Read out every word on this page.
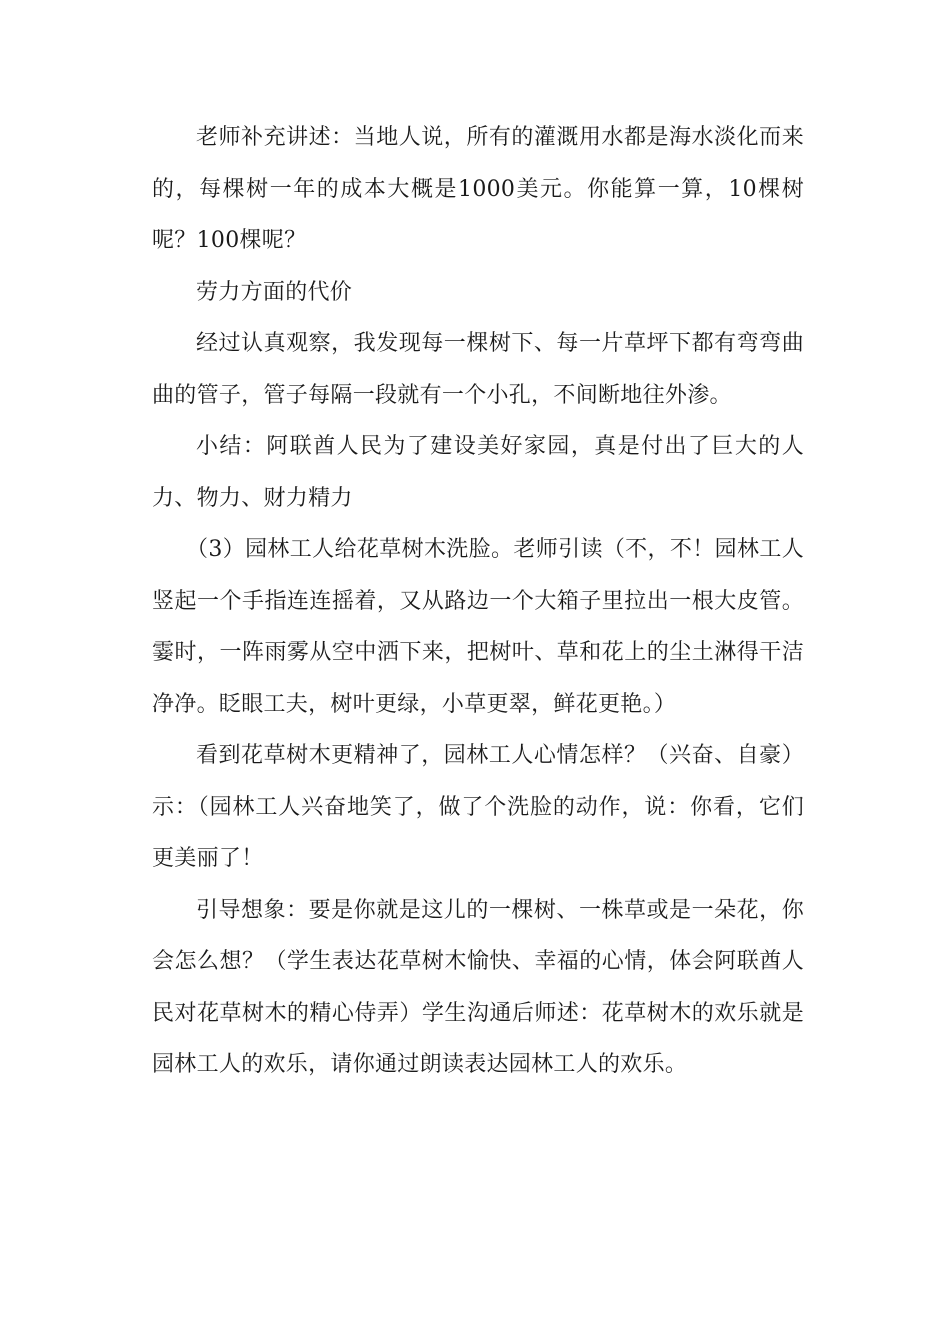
老师补充讲述：当地人说，所有的灌溉用水都是海水淡化而来的，每棵树一年的成本大概是1000美元。你能算一算，10棵树呢？100棵呢？

劳力方面的代价

经过认真观察，我发现每一棵树下、每一片草坪下都有弯弯曲曲的管子，管子每隔一段就有一个小孔，不间断地往外渗。

小结：阿联酋人民为了建设美好家园，真是付出了巨大的人力、物力、财力精力

（3）园林工人给花草树木洗脸。老师引读（不，不！园林工人竖起一个手指连连摇着，又从路边一个大箱子里拉出一根大皮管。霎时，一阵雨雾从空中洒下来，把树叶、草和花上的尘土淋得干洁净净。眨眼工夫，树叶更绿，小草更翠，鲜花更艳。）

看到花草树木更精神了，园林工人心情怎样？（兴奋、自豪）示：（园林工人兴奋地笑了，做了个洗脸的动作，说：你看，它们更美丽了！

引导想象：要是你就是这儿的一棵树、一株草或是一朵花，你会怎么想？（学生表达花草树木愉快、幸福的心情，体会阿联酋人民对花草树木的精心侍弄）学生沟通后师述：花草树木的欢乐就是园林工人的欢乐，请你通过朗读表达园林工人的欢乐。
